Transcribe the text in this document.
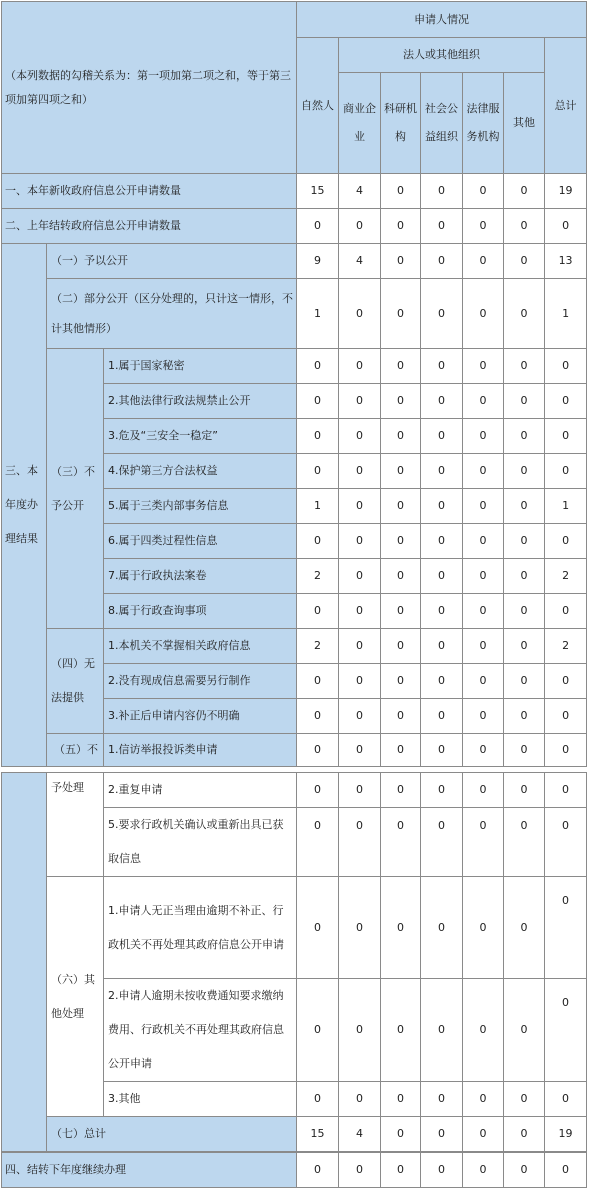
（本列数据的勾稽关系为：第一项加第二项之和，等于第三项加第四项之和）			申请人情况						
			自然人	法人或其他组织					总计
				商业企业	科研机构	社会公益组织	法律服务机构	其他	

一、本年新收政府信息公开申请数量			15	4	0	0	0	0	19
二、上年结转政府信息公开申请数量			0	0	0	0	0	0	0
三、本年度办理结果	（一）予以公开		9	4	0	0	0	0	13
	（二）部分公开（区分处理的，只计这一情形，不计其他情形）		1	0	0	0	0	0	1
	（三）不予公开	1.属于国家秘密	0	0	0	0	0	0	0
		2.其他法律行政法规禁止公开	0	0	0	0	0	0	0
		3.危及“三安全一稳定”	0	0	0	0	0	0	0
		4.保护第三方合法权益	0	0	0	0	0	0	0
		5.属于三类内部事务信息	1	0	0	0	0	0	1
		6.属于四类过程性信息	0	0	0	0	0	0	0
		7.属于行政执法案卷	2	0	0	0	0	0	2
		8.属于行政查询事项	0	0	0	0	0	0	0
	（四）无法提供	1.本机关不掌握相关政府信息	2	0	0	0	0	0	2
		2.没有现成信息需要另行制作	0	0	0	0	0	0	0
		3.补正后申请内容仍不明确	0	0	0	0	0	0	0
	（五）不	1.信访举报投诉类申请	0	0	0	0	0	0	0
	予处理	2.重复申请	0	0	0	0	0	0	0
		5.要求行政机关确认或重新出具已获取信息	0	0	0	0	0	0	0

	（六）其他处理	1.申请人无正当理由逾期不补正、行政机关不再处理其政府信息公开申请	0	0	0	0	0	0	0
		2.申请人逾期未按收费通知要求缴纳费用、行政机关不再处理其政府信息公开申请	0	0	0	0	0	0	0
		3.其他	0	0	0	0	0	0	0
	（七）总计		15	4	0	0	0	0	19
四、结转下年度继续办理	0	0	0	0	0	0	0
